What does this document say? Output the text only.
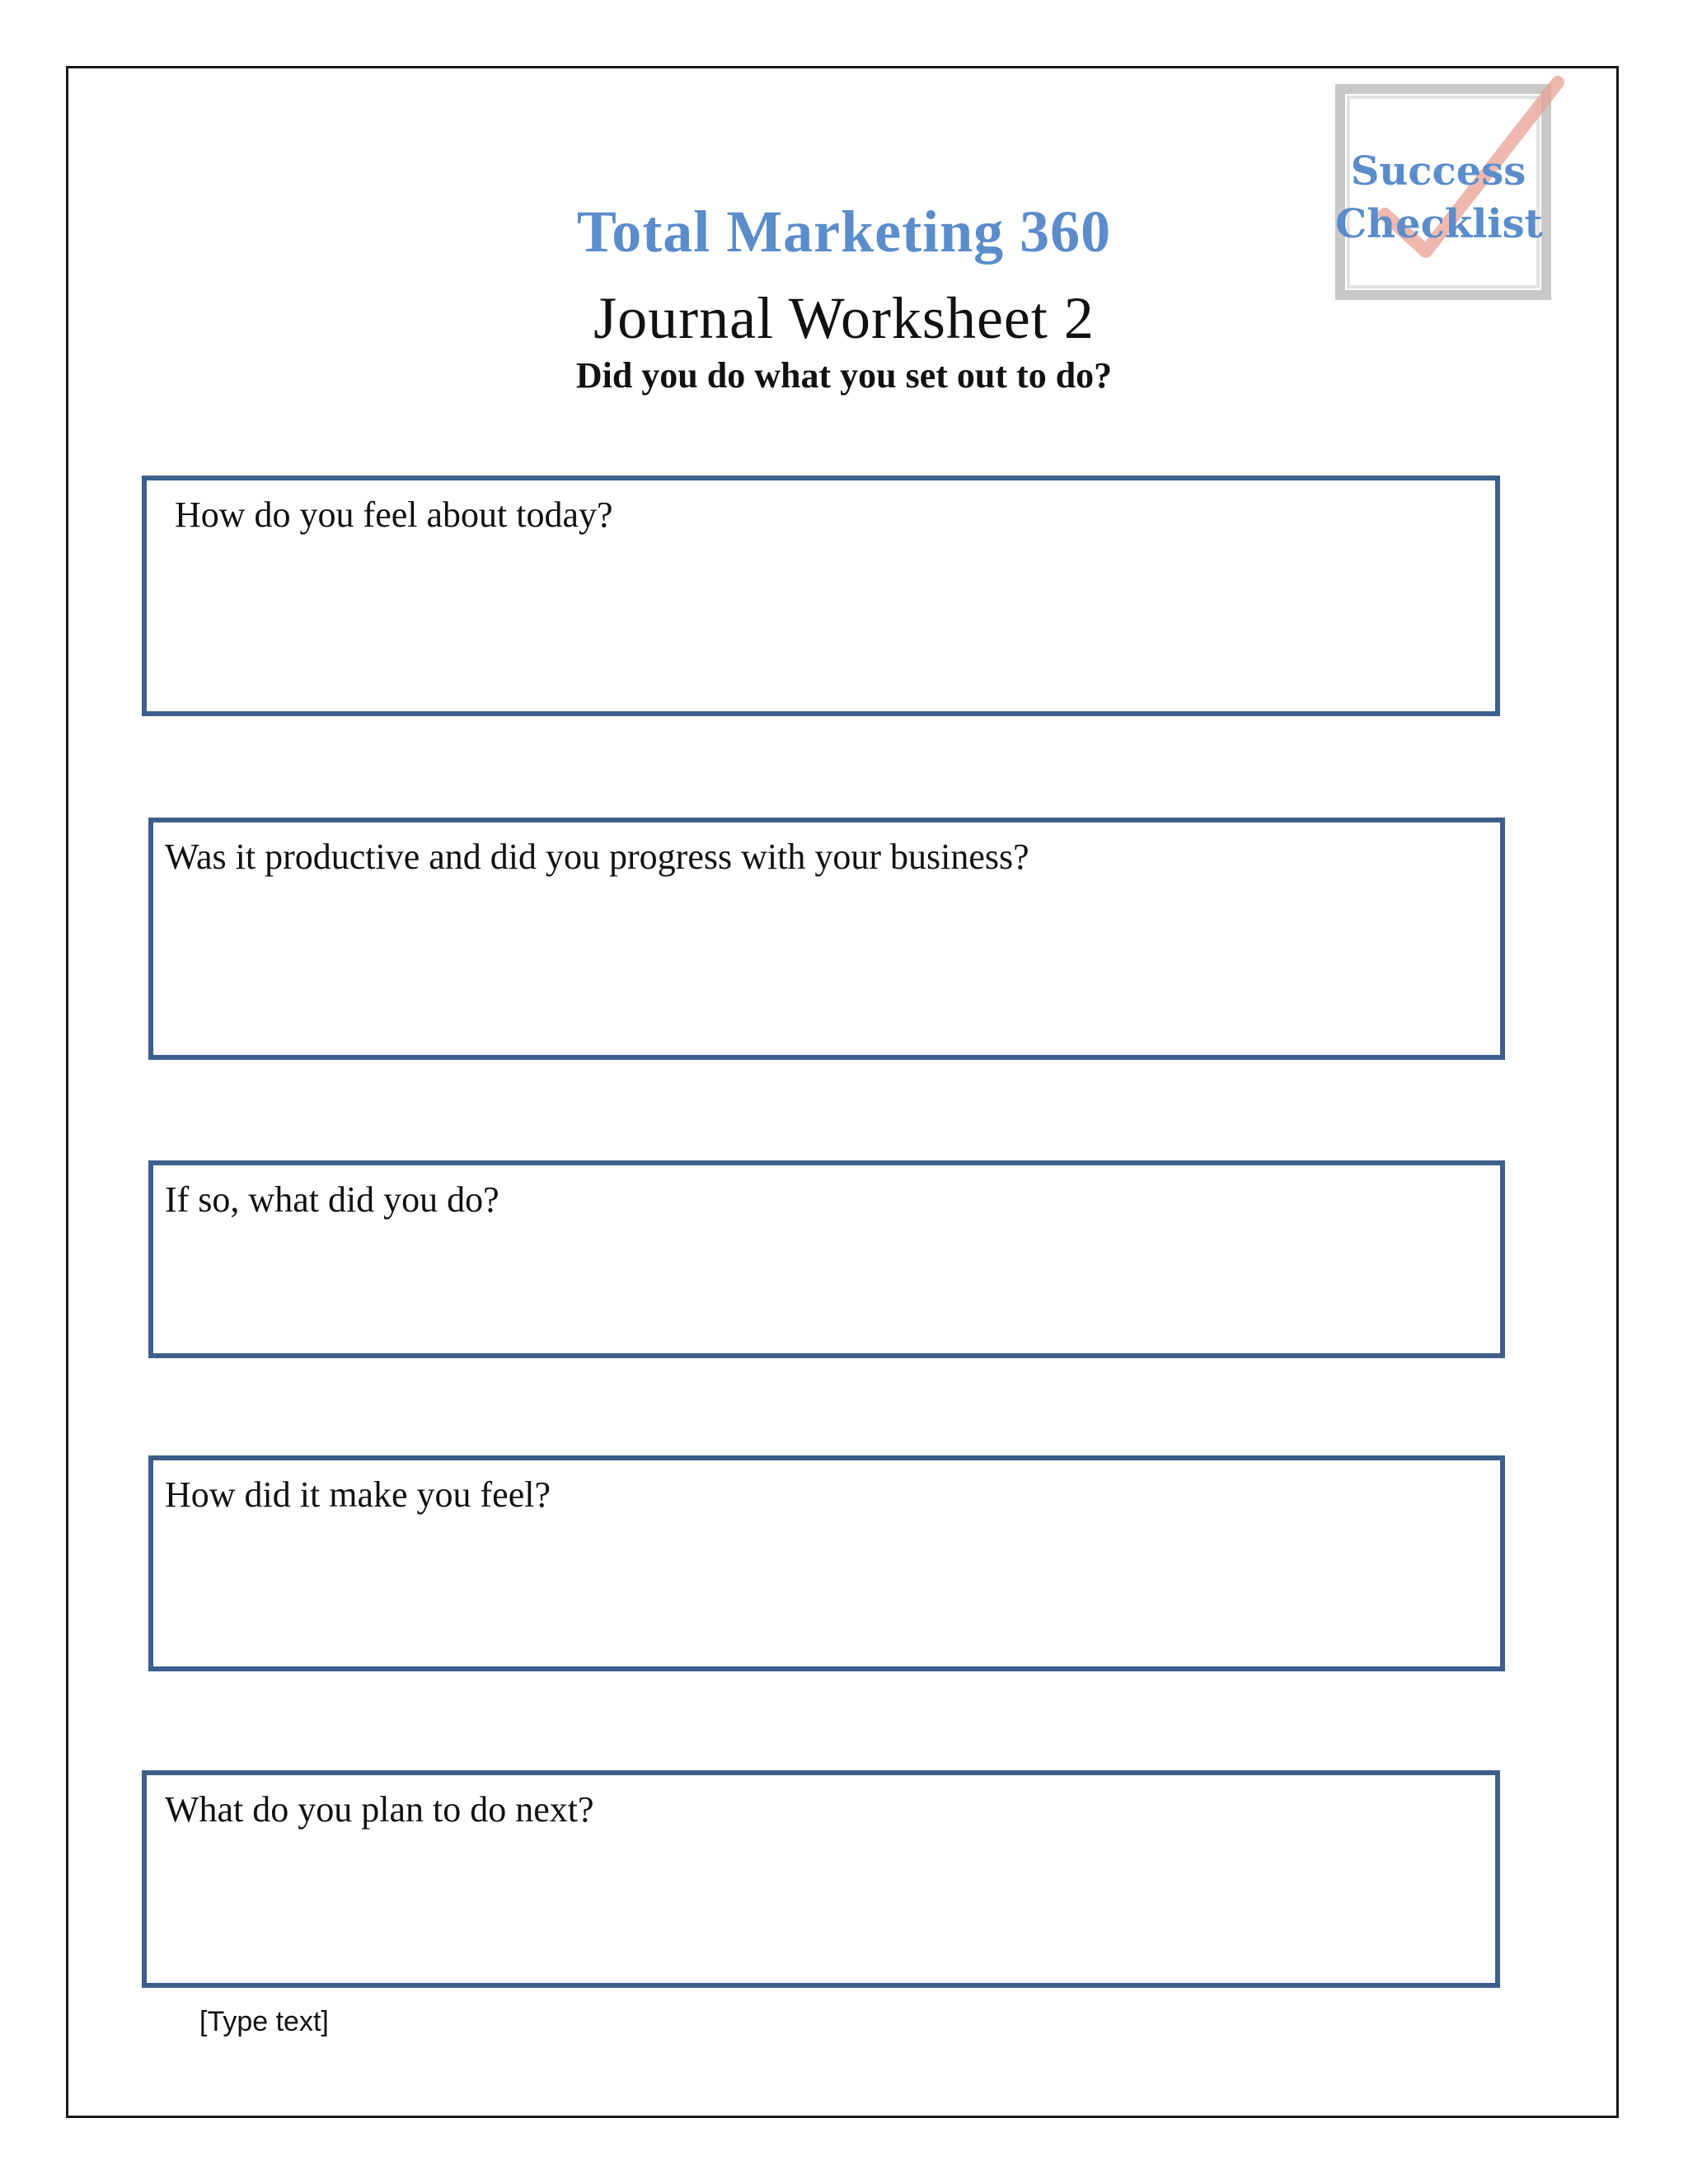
Success
Checklist
Total Marketing 360
Journal Worksheet 2
Did you do what you set out to do?
How do you feel about today?
Was it productive and did you progress with your business?
If so, what did you do?
How did it make you feel?
What do you plan to do next?
[Type text]
